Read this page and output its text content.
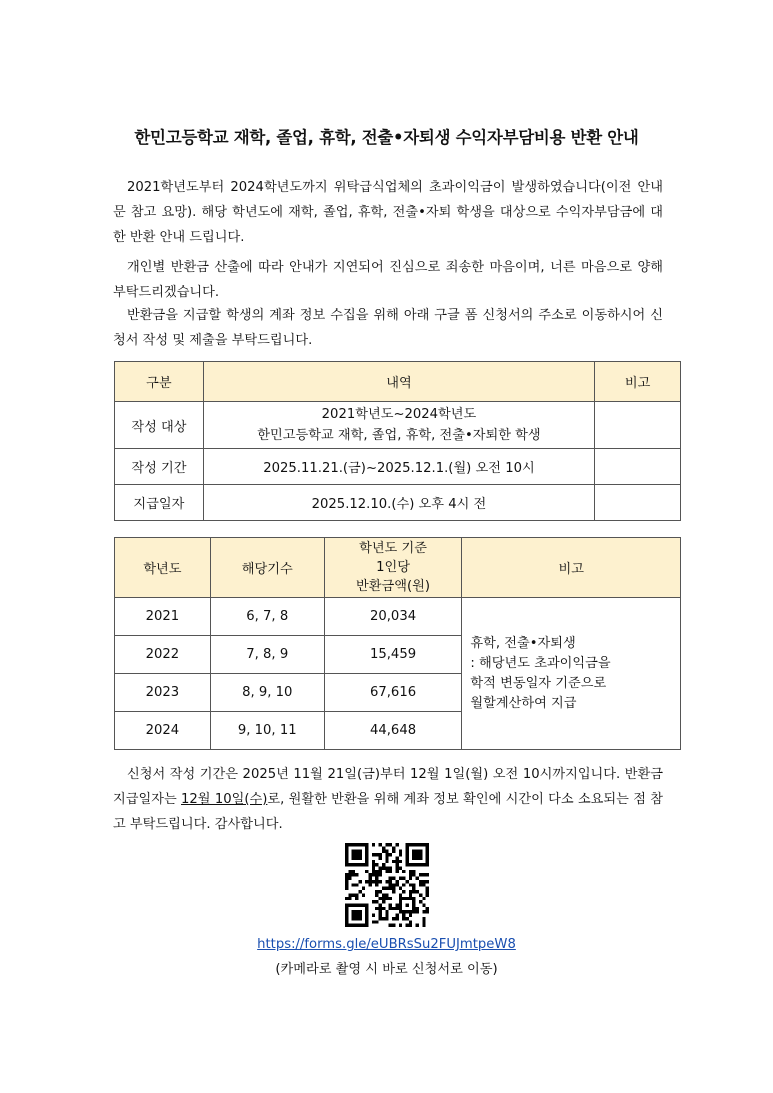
한민고등학교 재학, 졸업, 휴학, 전출•자퇴생 수익자부담비용 반환 안내
2021학년도부터 2024학년도까지 위탁급식업체의 초과이익금이 발생하였습니다(이전 안내문 참고 요망). 해당 학년도에 재학, 졸업, 휴학, 전출•자퇴 학생을 대상으로 수익자부담금에 대한 반환 안내 드립니다.
개인별 반환금 산출에 따라 안내가 지연되어 진심으로 죄송한 마음이며, 너른 마음으로 양해 부탁드리겠습니다.
반환금을 지급할 학생의 계좌 정보 수집을 위해 아래 구글 폼 신청서의 주소로 이동하시어 신청서 작성 및 제출을 부탁드립니다.
구분	내역	비고
작성 대상	2021학년도~2024학년도
한민고등학교 재학, 졸업, 휴학, 전출•자퇴한 학생	

작성 기간	2025.11.21.(금)~2025.12.1.(월) 오전 10시	
지급일자	2025.12.10.(수) 오후 4시 전	
학년도	해당기수	학년도 기준
1인당
반환금액(원)	비고
2021	6, 7, 8	20,034	휴학, 전출•자퇴생
: 해당년도 초과이익금을
학적 변동일자 기준으로
월할계산하여 지급

2022	7, 8, 9	15,459	
2023	8, 9, 10	67,616	
2024	9, 10, 11	44,648	
신청서 작성 기간은 2025년 11월 21일(금)부터 12월 1일(월) 오전 10시까지입니다. 반환금 지급일자는 12월 10일(수)로, 원활한 반환을 위해 계좌 정보 확인에 시간이 다소 소요되는 점 참고 부탁드립니다. 감사합니다.
https://forms.gle/eUBRsSu2FUJmtpeW8
(카메라로 촬영 시 바로 신청서로 이동)
